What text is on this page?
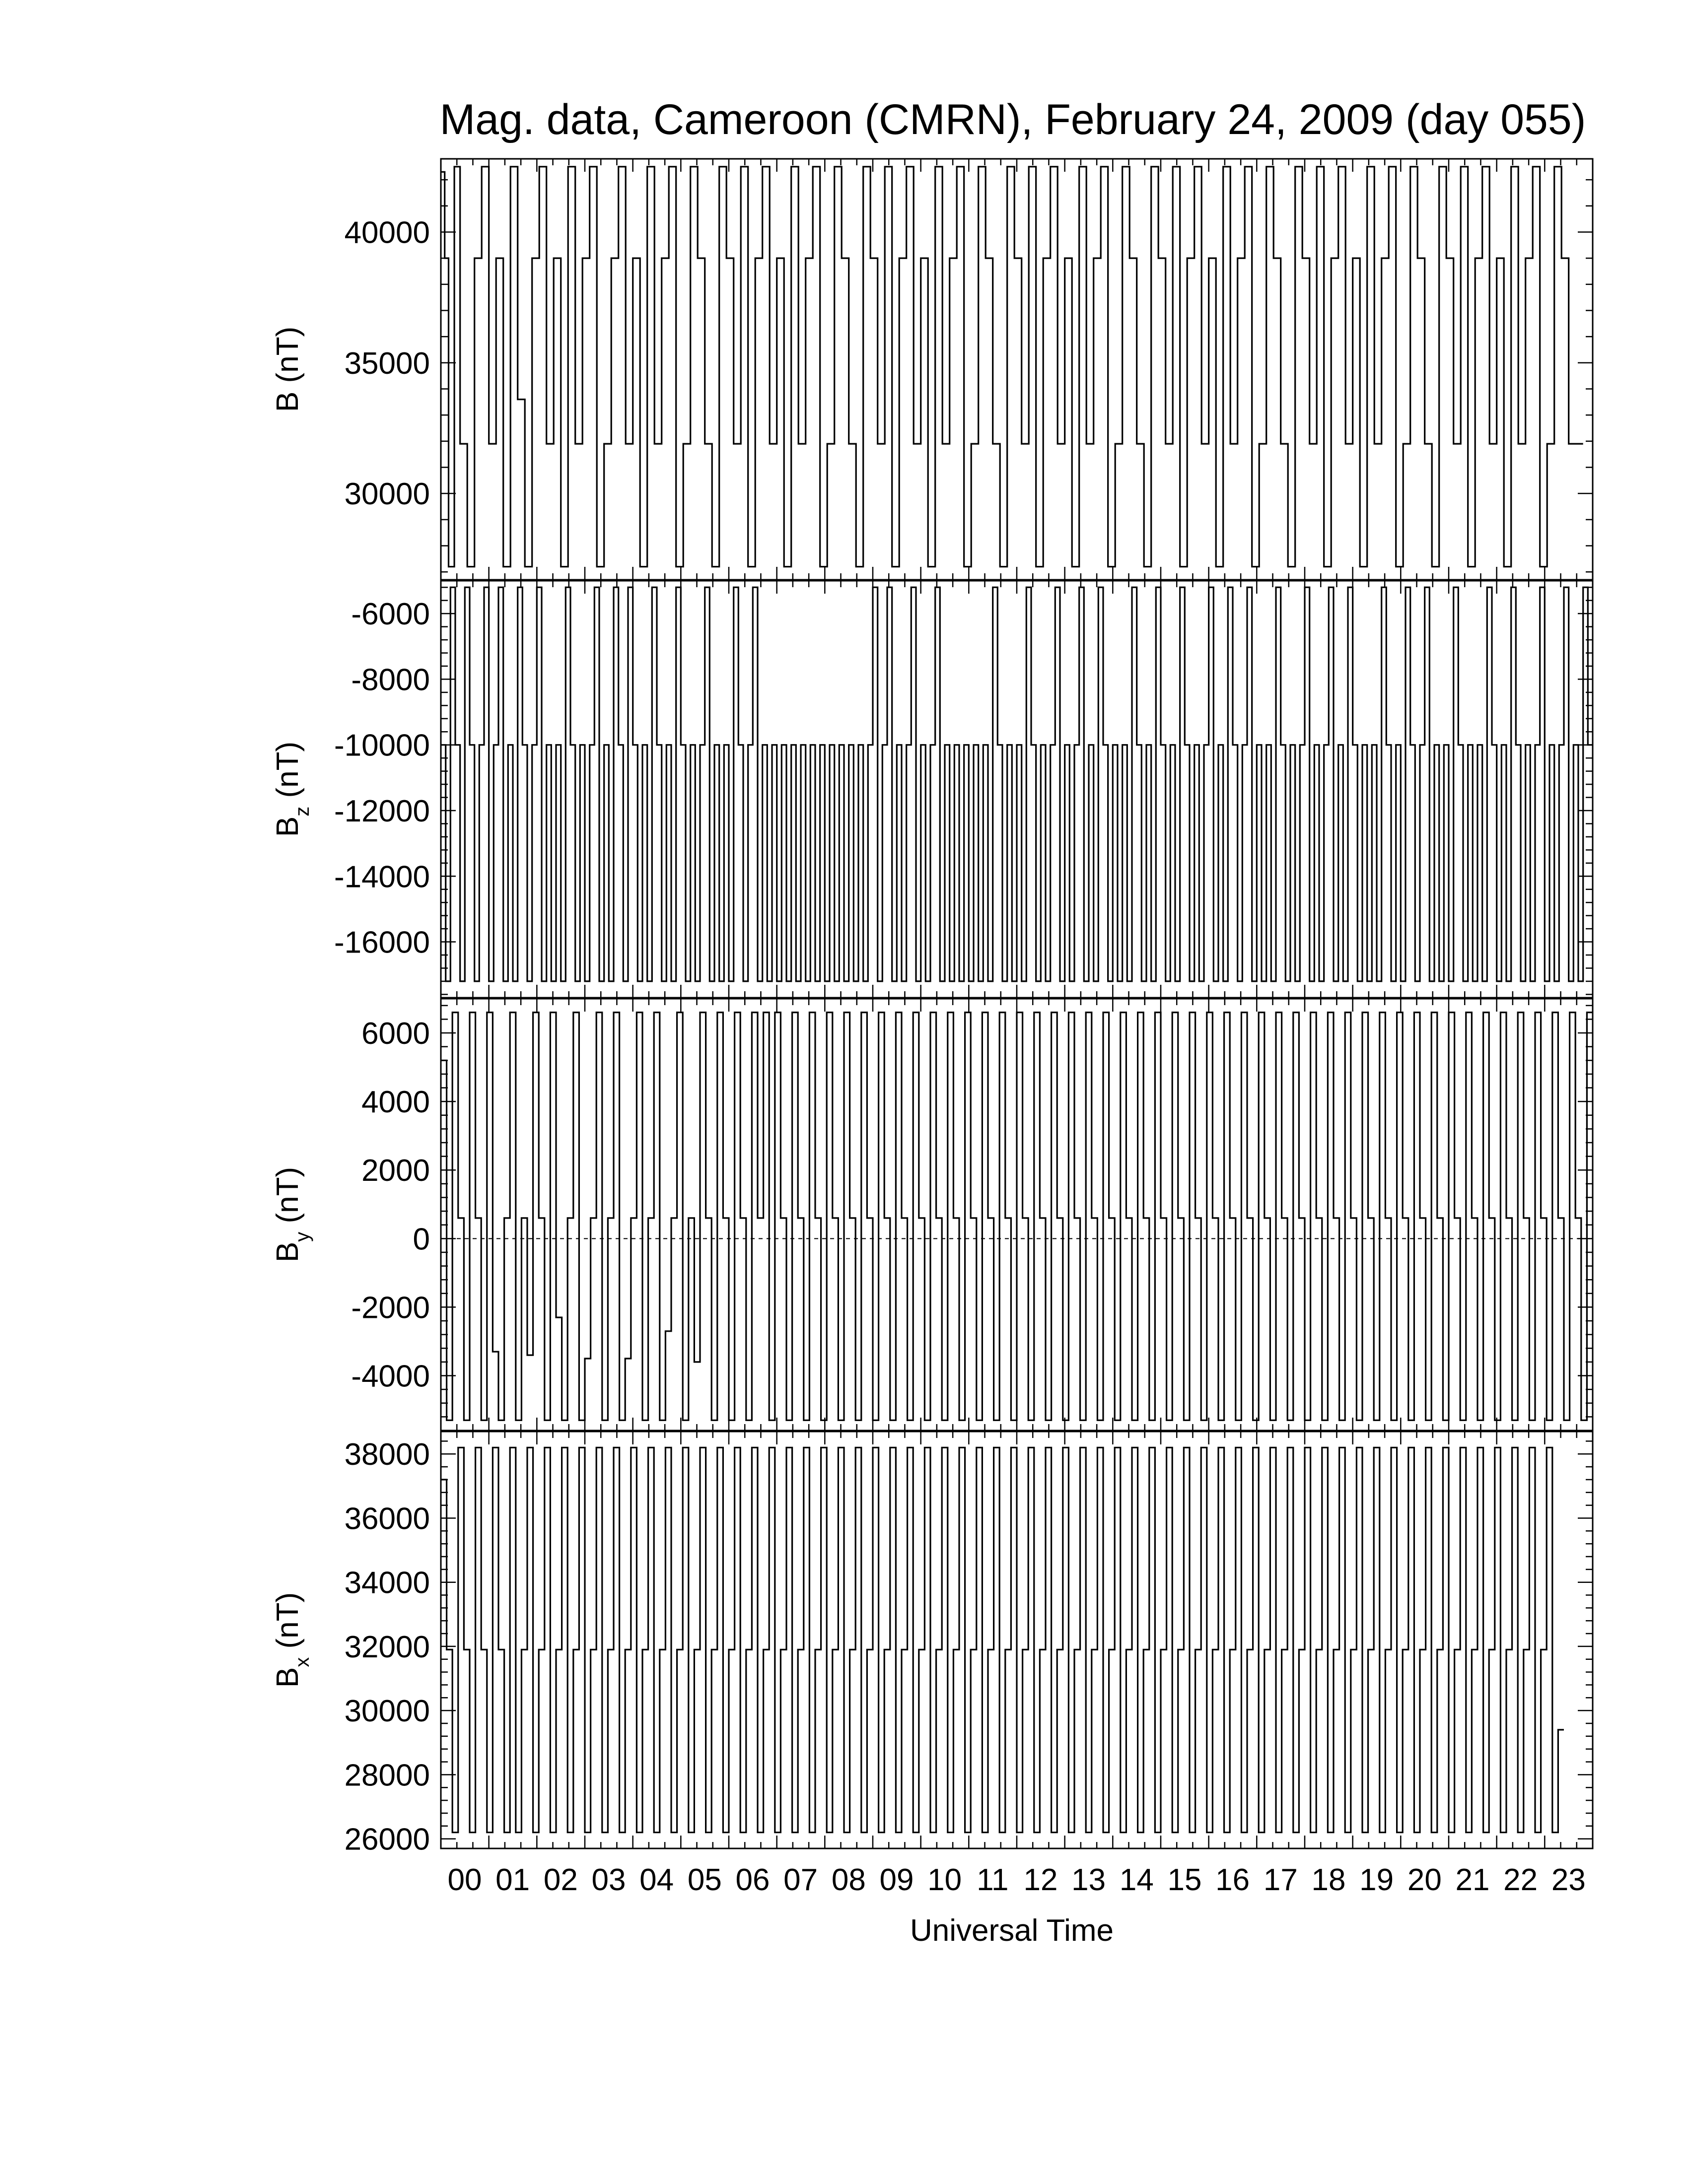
Mag. data, Cameroon (CMRN), February 24, 2009 (day 055)
30000
35000
40000
B (nT)
-16000
-14000
-12000
-10000
-8000
-6000
$B_z$ (nT)
-4000
-2000
0
2000
4000
6000
$B_y$ (nT)
26000
28000
30000
32000
34000
36000
38000
$B_x$ (nT)
00 01 02 03 04 05 06 07 08 09 10 11 12 13 14 15 16 17 18 19 20 21 22 23
Universal Time
